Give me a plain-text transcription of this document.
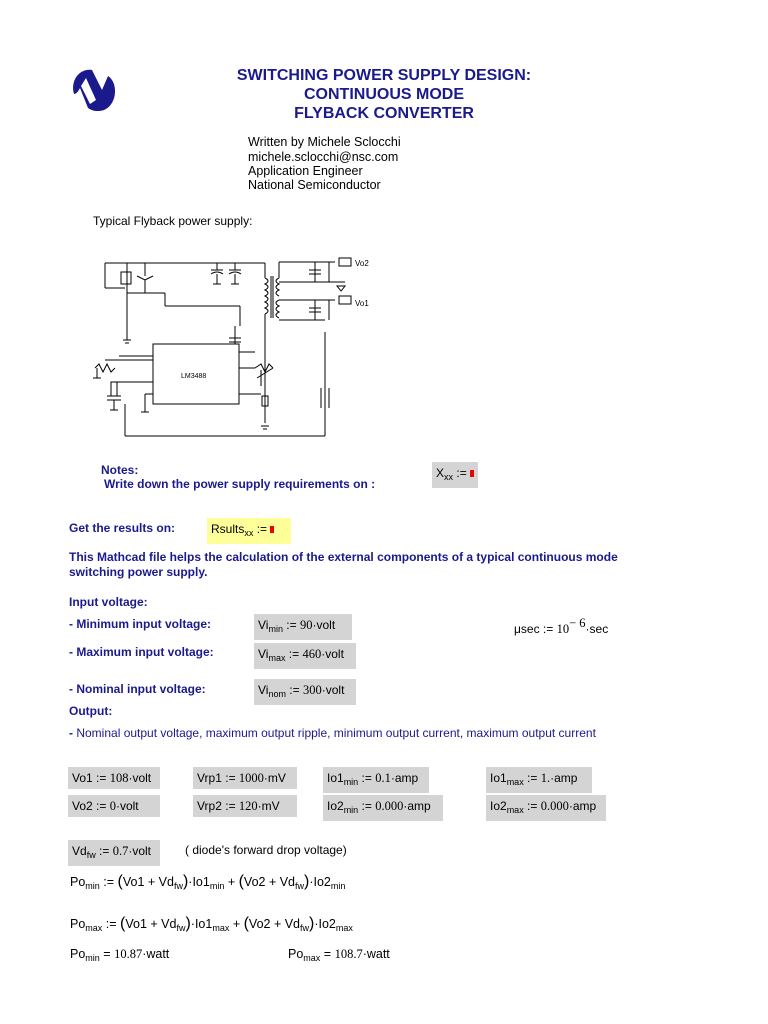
SWITCHING POWER SUPPLY DESIGN:
CONTINUOUS MODE
FLYBACK CONVERTER
Written by Michele Sclocchi
michele.sclocchi@nsc.com
Application Engineer
National Semiconductor
Typical Flyback power supply:
LM3488
Vo2
Vo1
Notes:
Write down the power supply requirements on :
$X_{xx}$ :=
Get the results on:	Rsults$_{xx}$ :=
This Mathcad file helps the calculation of the external components of a typical continuous mode switching power supply.
Input voltage:
- Minimum input voltage:	$Vi_{min}$ := 90·volt	μsec := $10^{- 6}\cdot\sec$
- Maximum input voltage:	$Vi_{max}$ := 460·volt
- Nominal input voltage:	$Vi_{nom}$ := 300·volt
Output:
- Nominal output voltage, maximum output ripple, minimum output current, maximum output current
Vo1 := 108·volt	Vrp1 := 1000·mV	$Io1_{min}$ := 0.1·amp	$Io1_{max}$ := 1.·amp
Vo2 := 0·volt	Vrp2 := 120·mV	$Io2_{min}$ := 0.000·amp	$Io2_{max}$ := 0.000·amp
$Vd_{fw}$ := 0.7·volt	( diode's forward drop voltage)
$Po_{min}$ := $(Vo1 + Vd_{fw})\cdot Io1_{min} + (Vo2 + Vd_{fw})\cdot Io2_{min}$
$Po_{max}$ := $(Vo1 + Vd_{fw})\cdot Io1_{max} + (Vo2 + Vd_{fw})\cdot Io2_{max}$
$Po_{min}$ = 10.87·watt	$Po_{max}$ = 108.7·watt
